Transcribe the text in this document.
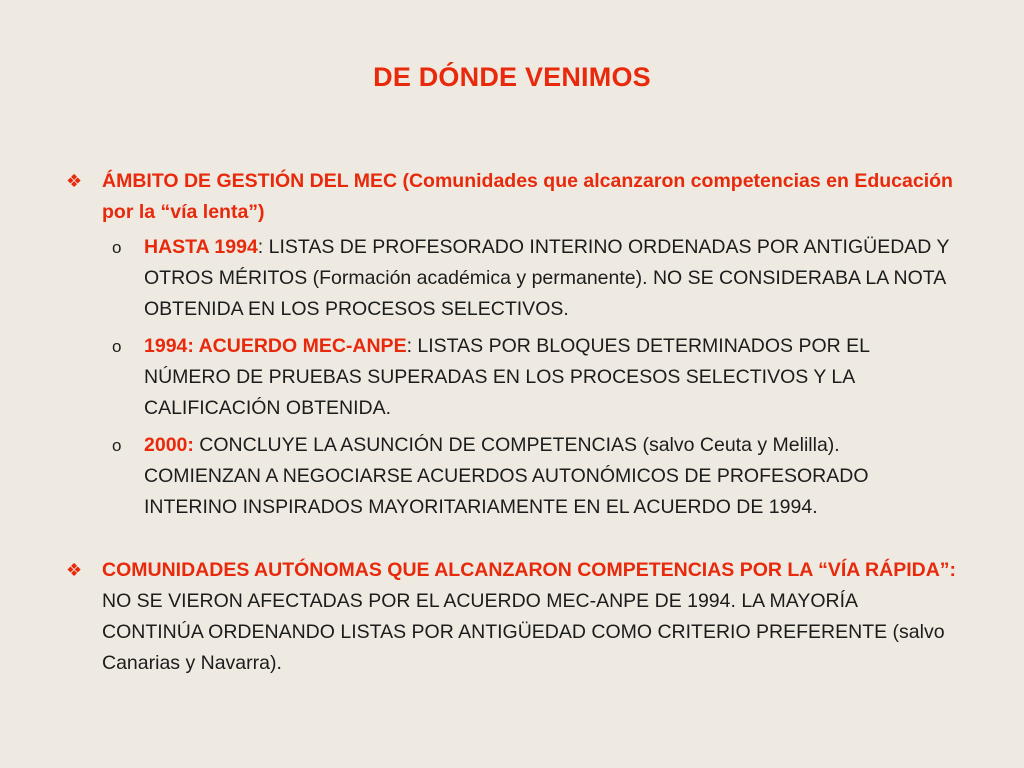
DE DÓNDE VENIMOS
❖	ÁMBITO DE GESTIÓN DEL MEC (Comunidades que alcanzaron competencias en Educación por la “vía lenta”)
o	HASTA 1994: LISTAS DE PROFESORADO INTERINO ORDENADAS POR ANTIGÜEDAD Y OTROS MÉRITOS (Formación académica y permanente). NO SE CONSIDERABA LA NOTA OBTENIDA EN LOS PROCESOS SELECTIVOS.
o	1994: ACUERDO MEC-ANPE: LISTAS POR BLOQUES DETERMINADOS POR EL NÚMERO DE PRUEBAS SUPERADAS EN LOS PROCESOS SELECTIVOS Y LA CALIFICACIÓN OBTENIDA.
o	2000: CONCLUYE LA ASUNCIÓN DE COMPETENCIAS (salvo Ceuta y Melilla). COMIENZAN A NEGOCIARSE ACUERDOS AUTONÓMICOS DE PROFESORADO INTERINO INSPIRADOS MAYORITARIAMENTE EN EL ACUERDO DE 1994.
❖	COMUNIDADES AUTÓNOMAS QUE ALCANZARON COMPETENCIAS POR LA “VÍA RÁPIDA”: NO SE VIERON AFECTADAS POR EL ACUERDO MEC-ANPE DE 1994. LA MAYORÍA CONTINÚA ORDENANDO LISTAS POR ANTIGÜEDAD COMO CRITERIO PREFERENTE (salvo Canarias y Navarra).
